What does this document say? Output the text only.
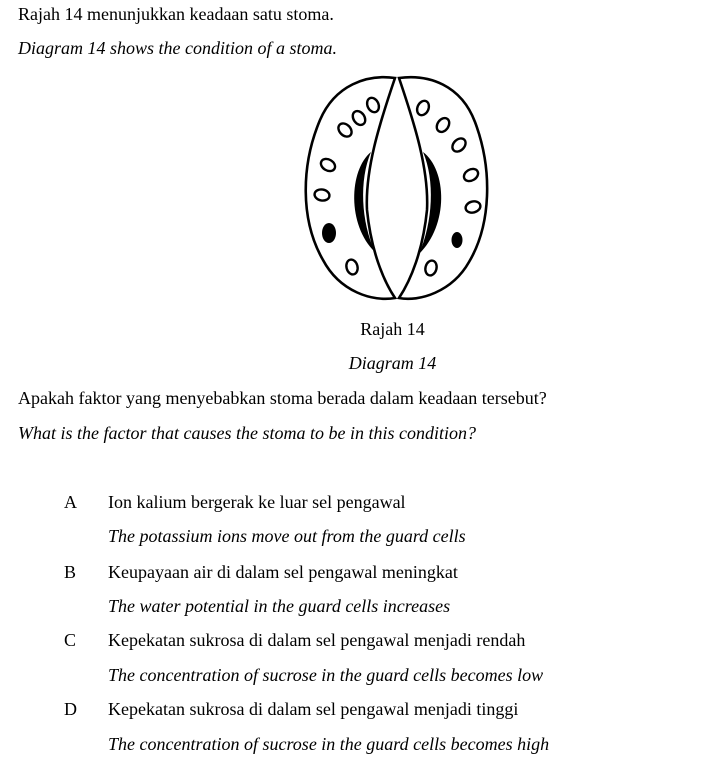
Rajah 14 menunjukkan keadaan satu stoma.
Diagram 14 shows the condition of a stoma.
Rajah 14
Diagram 14
Apakah faktor yang menyebabkan stoma berada dalam keadaan tersebut?
What is the factor that causes the stoma to be in this condition?
A Ion kalium bergerak ke luar sel pengawal
The potassium ions move out from the guard cells
B Keupayaan air di dalam sel pengawal meningkat
The water potential in the guard cells increases
C Kepekatan sukrosa di dalam sel pengawal menjadi rendah
The concentration of sucrose in the guard cells becomes low
D Kepekatan sukrosa di dalam sel pengawal menjadi tinggi
The concentration of sucrose in the guard cells becomes high
